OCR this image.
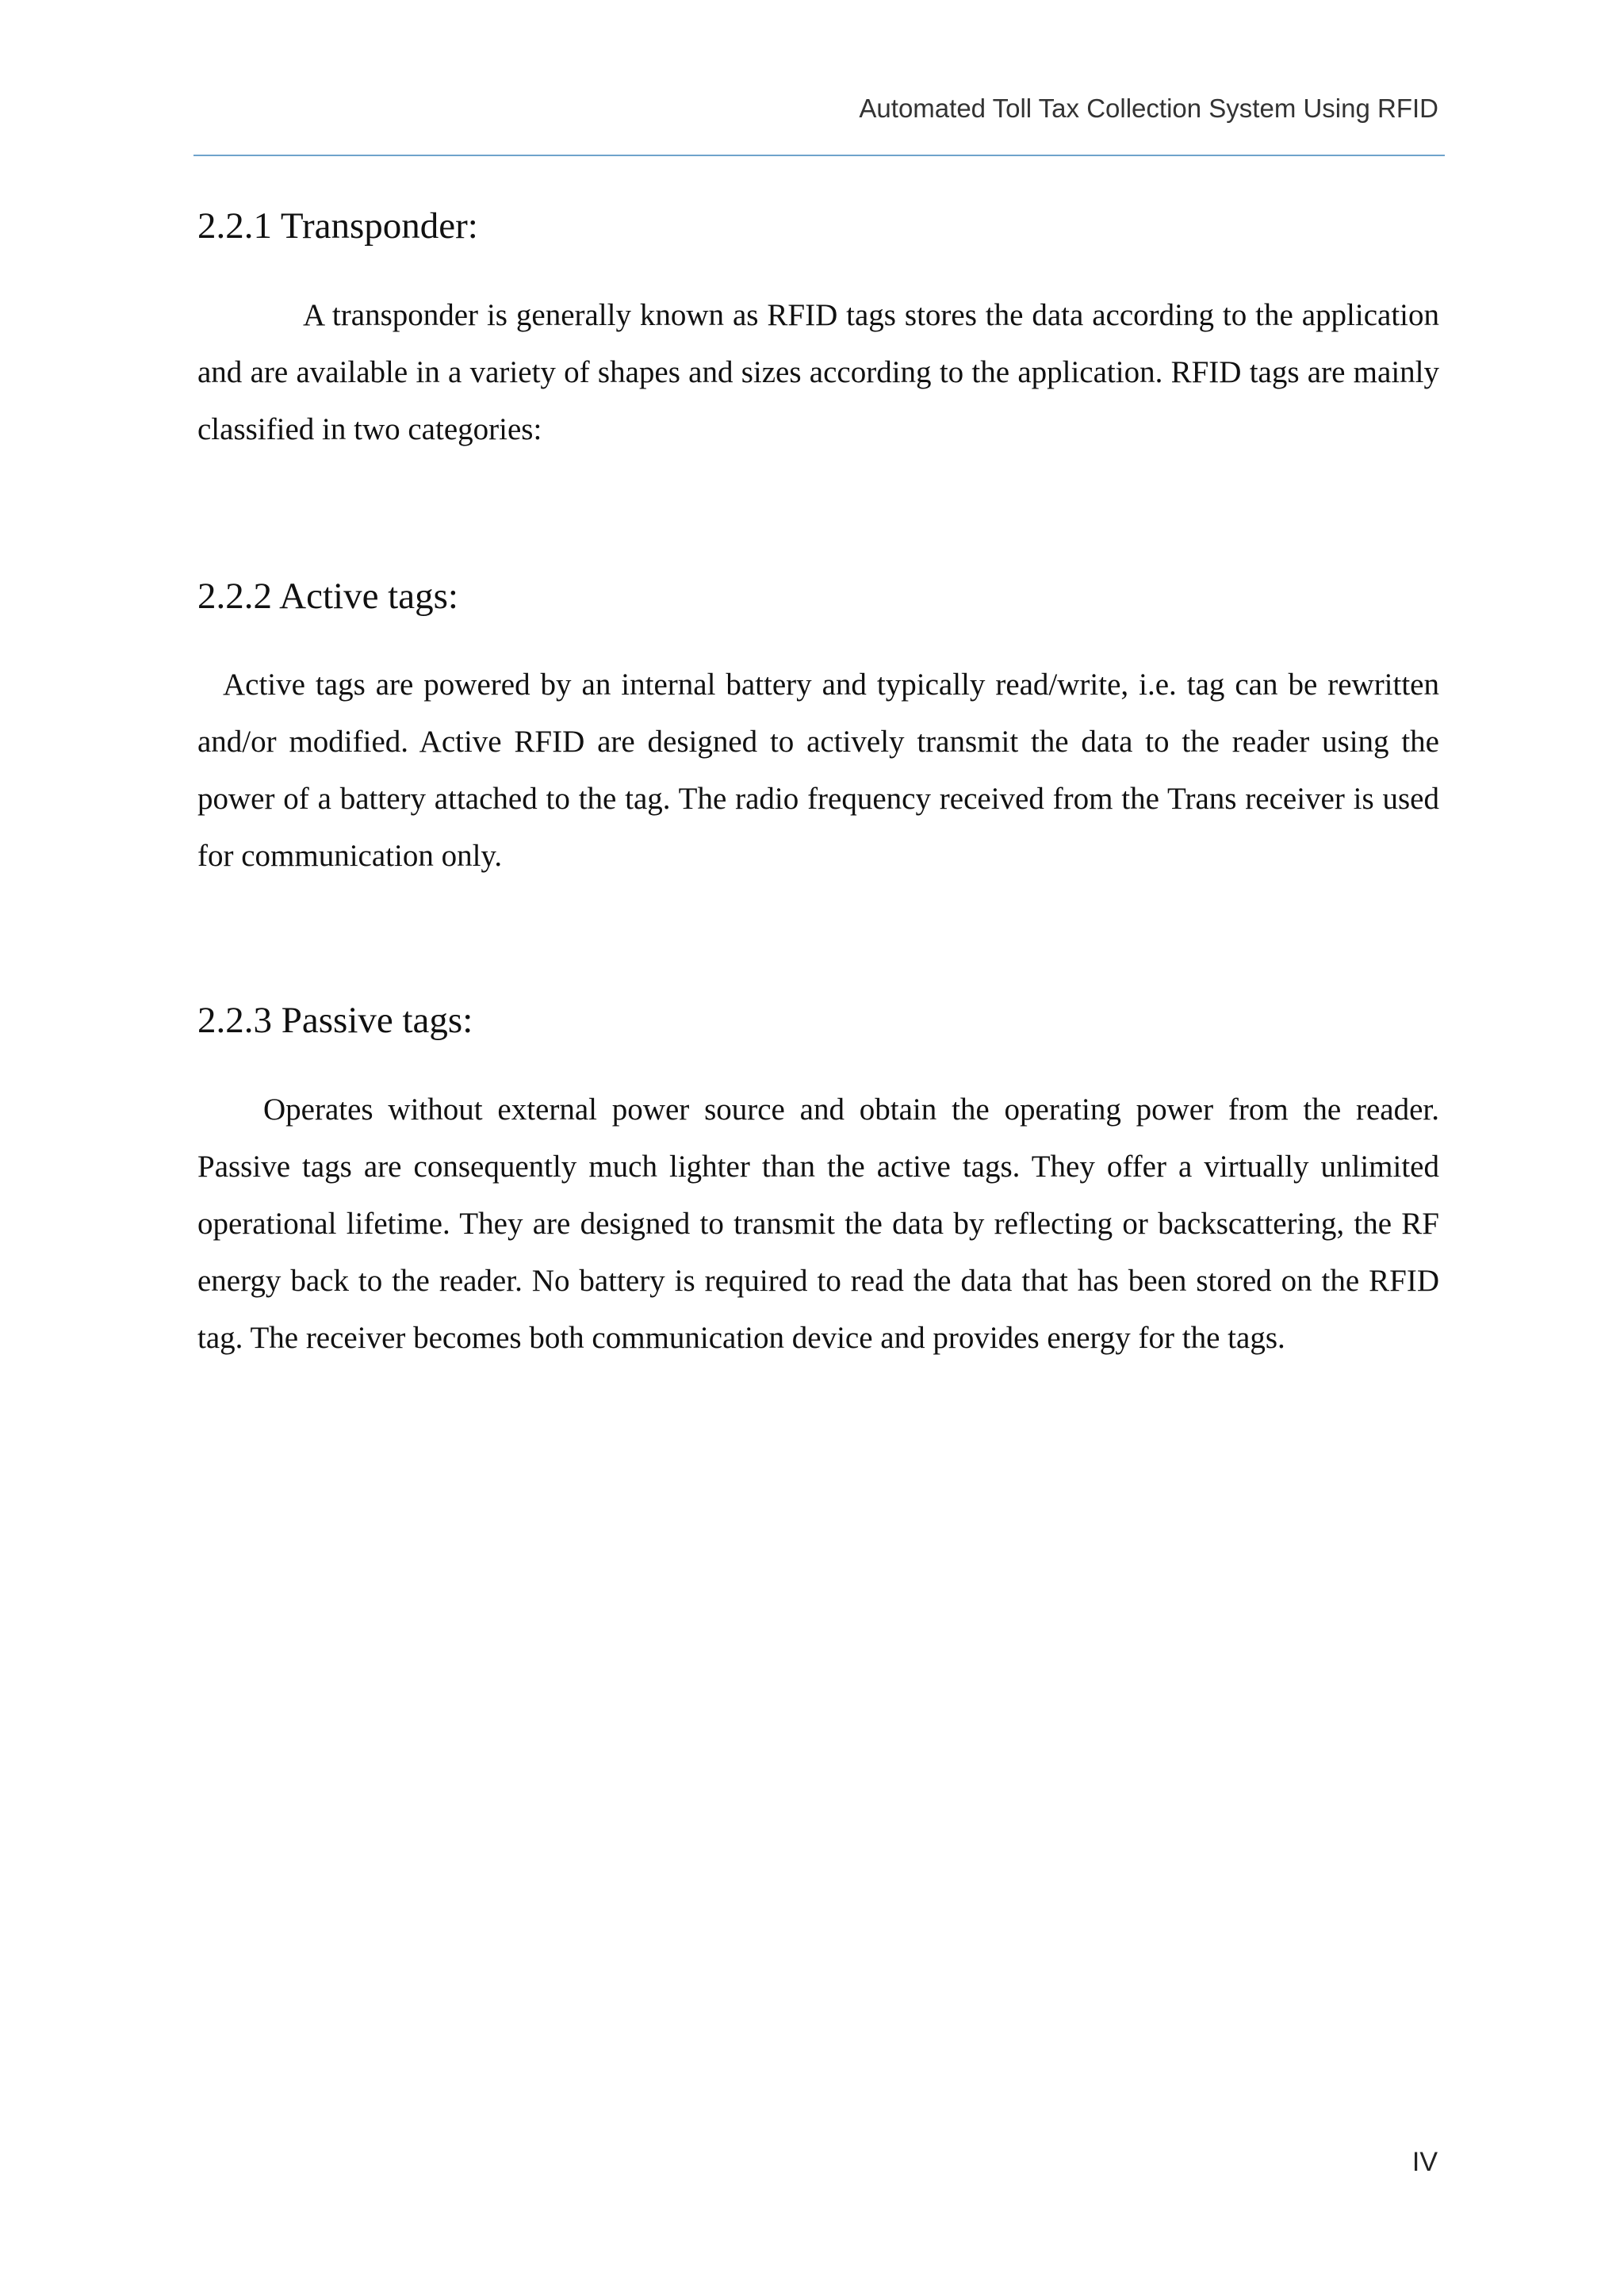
Automated Toll Tax Collection System Using RFID
2.2.1 Transponder:

A transponder is generally known as RFID tags stores the data according to the application and are available in a variety of shapes and sizes according to the application. RFID tags are mainly classified in two categories:

2.2.2 Active tags:

Active tags are powered by an internal battery and typically read/write, i.e. tag can be rewritten and/or modified. Active RFID are designed to actively transmit the data to the reader using the power of a battery attached to the tag. The radio frequency received from the Trans receiver is used for communication only.

2.2.3 Passive tags:

Operates without external power source and obtain the operating power from the reader. Passive tags are consequently much lighter than the active tags. They offer a virtually unlimited operational lifetime. They are designed to transmit the data by reflecting or backscattering, the RF energy back to the reader. No battery is required to read the data that has been stored on the RFID tag. The receiver becomes both communication device and provides energy for the tags.

IV
